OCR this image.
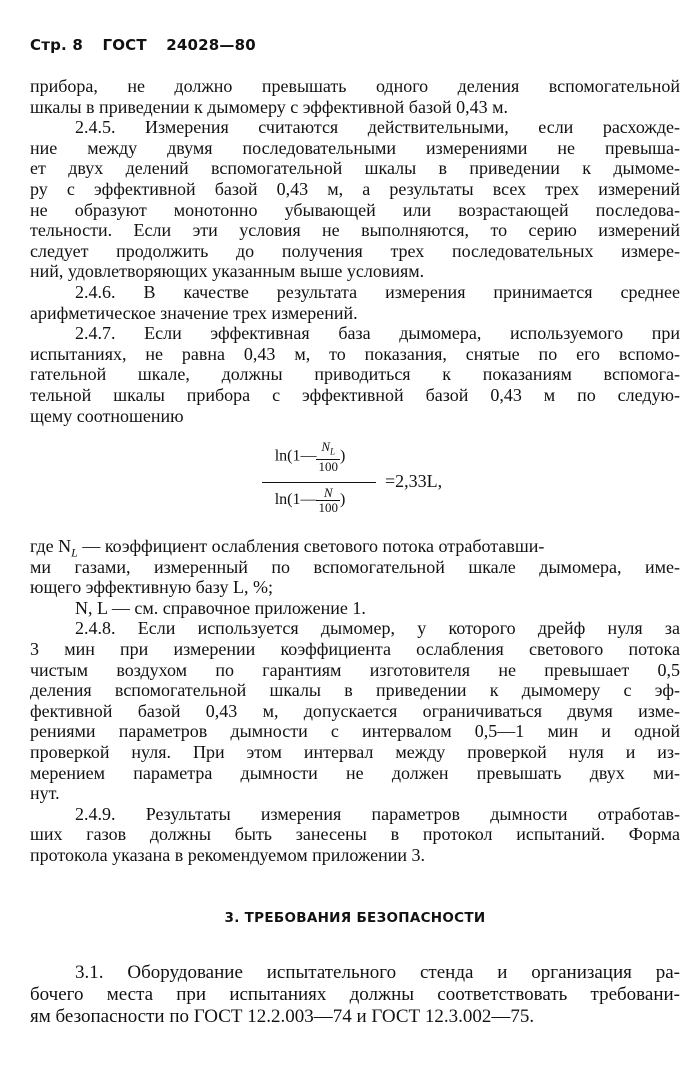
Стр. 8 ГОСТ 24028—80
прибора, не должно превышать одного деления вспомогательной
шкалы в приведении к дымомеру с эффективной базой 0,43 м.
2.4.5. Измерения считаются действительными, если расхожде-
ние между двумя последовательными измерениями не превыша-
ет двух делений вспомогательной шкалы в приведении к дымоме-
ру с эффективной базой 0,43 м, а результаты всех трех измерений
не образуют монотонно убывающей или возрастающей последова-
тельности. Если эти условия не выполняются, то серию измерений
следует продолжить до получения трех последовательных измере-
ний, удовлетворяющих указанным выше условиям.
2.4.6. В качестве результата измерения принимается среднее
арифметическое значение трех измерений.
2.4.7. Если эффективная база дымомера, используемого при
испытаниях, не равна 0,43 м, то показания, снятые по его вспомо-
гательной шкале, должны приводиться к показаниям вспомога-
тельной шкалы прибора с эффективной базой 0,43 м по следую-
щему соотношению
ln(1— $\frac{N_L}{100}$ )
ln(1— $\frac{N}{100}$ )
=2,33L,
где $N_L$ — коэффициент ослабления светового потока отработавши-
ми газами, измеренный по вспомогательной шкале дымомера, име-
ющего эффективную базу L, %;
N, L — см. справочное приложение 1.
2.4.8. Если используется дымомер, у которого дрейф нуля за
3 мин при измерении коэффициента ослабления светового потока
чистым воздухом по гарантиям изготовителя не превышает 0,5
деления вспомогательной шкалы в приведении к дымомеру с эф-
фективной базой 0,43 м, допускается ограничиваться двумя изме-
рениями параметров дымности с интервалом 0,5—1 мин и одной
проверкой нуля. При этом интервал между проверкой нуля и из-
мерением параметра дымности не должен превышать двух ми-
нут.
2.4.9. Результаты измерения параметров дымности отработав-
ших газов должны быть занесены в протокол испытаний. Форма
протокола указана в рекомендуемом приложении 3.
3. ТРЕБОВАНИЯ БЕЗОПАСНОСТИ
3.1. Оборудование испытательного стенда и организация ра-
бочего места при испытаниях должны соответствовать требовани-
ям безопасности по ГОСТ 12.2.003—74 и ГОСТ 12.3.002—75.
